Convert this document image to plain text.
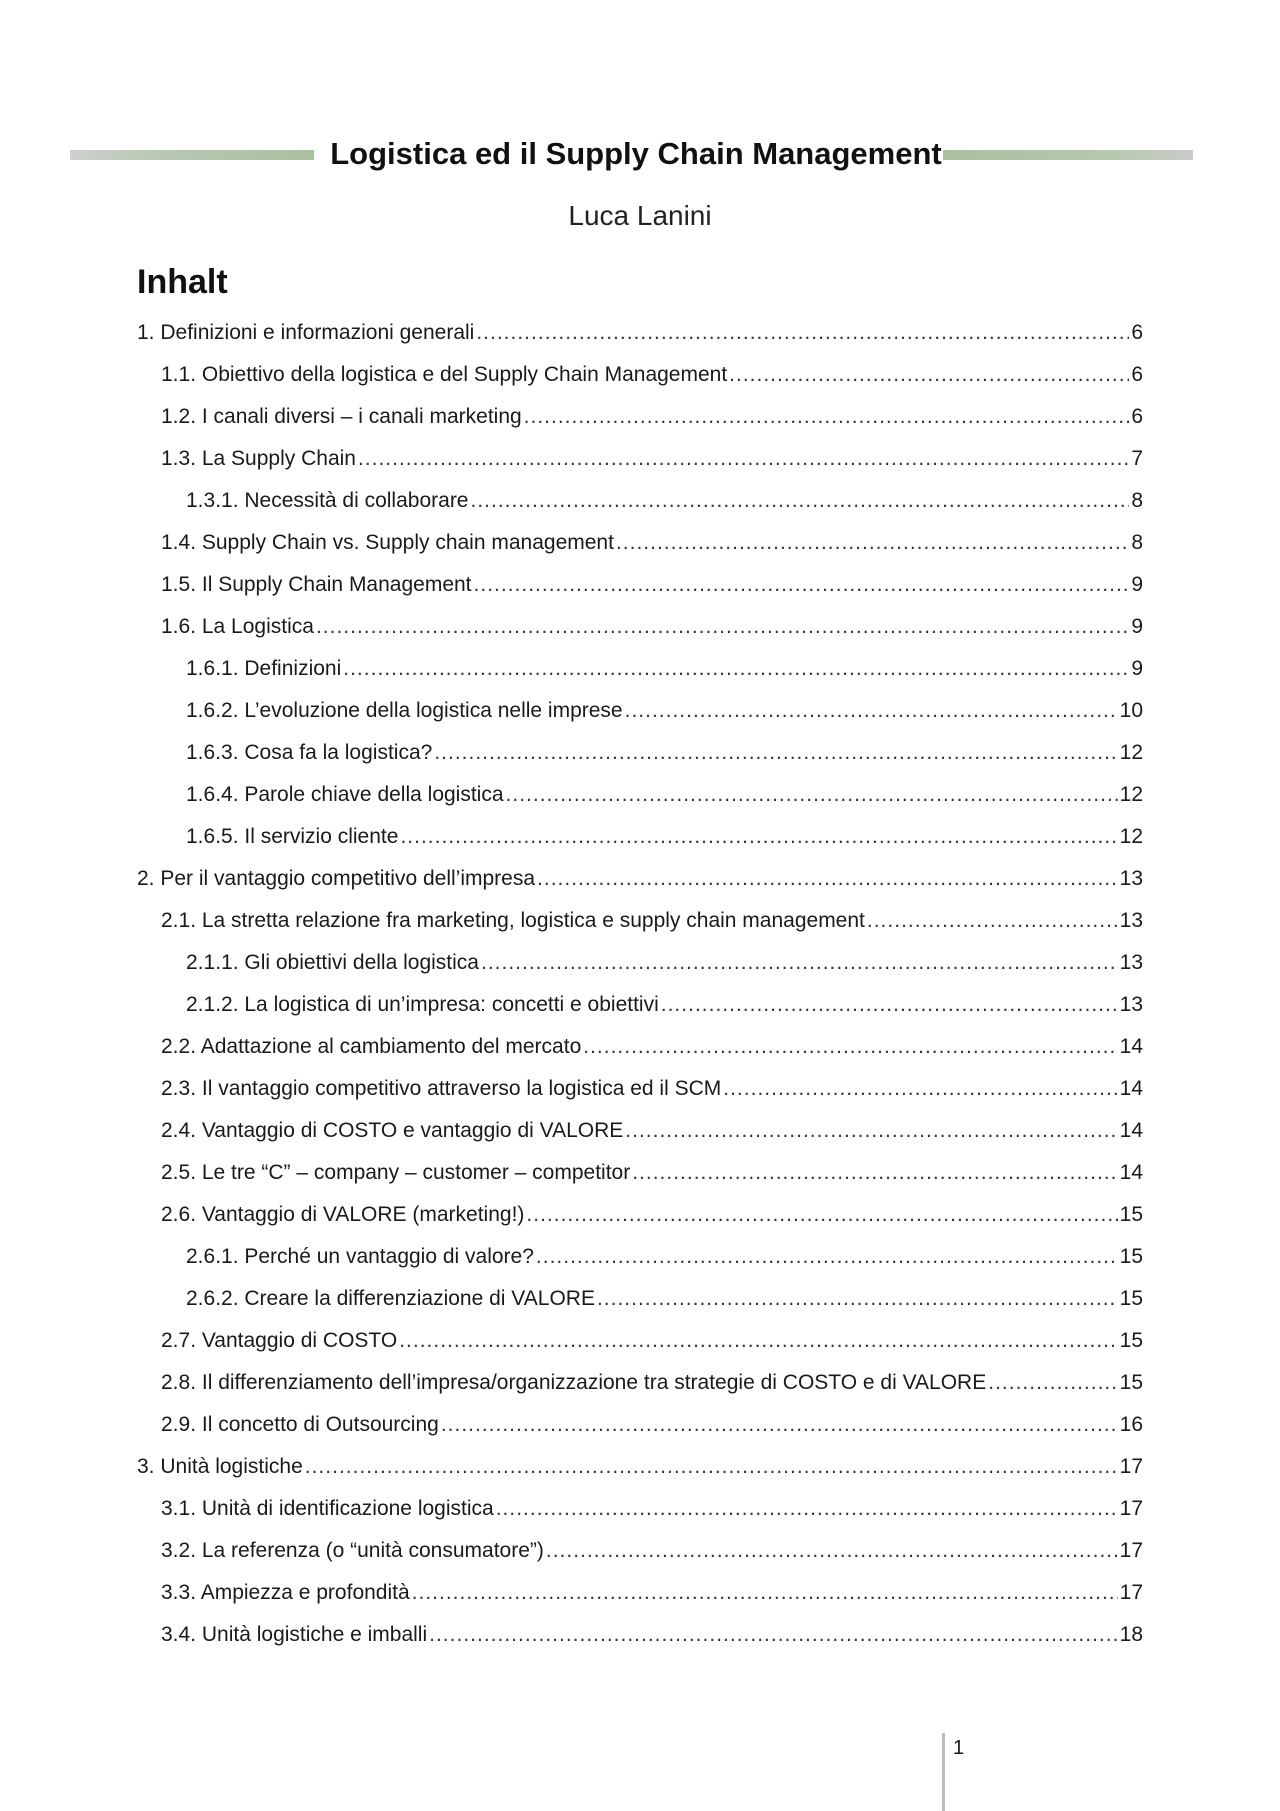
Logistica ed il Supply Chain Management
Luca Lanini
Inhalt
1. Definizioni e informazioni generali .....	6
1.1. Obiettivo della logistica e del Supply Chain Management .....	6
1.2. I canali diversi – i canali marketing .....	6
1.3. La Supply Chain .....	7
1.3.1. Necessità di collaborare .....	8
1.4. Supply Chain vs. Supply chain management .....	8
1.5. Il Supply Chain Management .....	9
1.6. La Logistica .....	9
1.6.1. Definizioni .....	9
1.6.2. L’evoluzione della logistica nelle imprese .....	10
1.6.3. Cosa fa la logistica? .....	12
1.6.4. Parole chiave della logistica .....	12
1.6.5. Il servizio cliente .....	12
2. Per il vantaggio competitivo dell’impresa .....	13
2.1. La stretta relazione fra marketing, logistica e supply chain management .....	13
2.1.1. Gli obiettivi della logistica .....	13
2.1.2. La logistica di un’impresa: concetti e obiettivi .....	13
2.2. Adattazione al cambiamento del mercato .....	14
2.3. Il vantaggio competitivo attraverso la logistica ed il SCM .....	14
2.4. Vantaggio di COSTO e vantaggio di VALORE .....	14
2.5. Le tre “C” – company – customer – competitor .....	14
2.6. Vantaggio di VALORE (marketing!) .....	15
2.6.1. Perché un vantaggio di valore? .....	15
2.6.2. Creare la differenziazione di VALORE .....	15
2.7. Vantaggio di COSTO .....	15
2.8. Il differenziamento dell’impresa/organizzazione tra strategie di COSTO e di VALORE .....	15
2.9. Il concetto di Outsourcing .....	16
3. Unità logistiche .....	17
3.1. Unità di identificazione logistica .....	17
3.2. La referenza (o “unità consumatore”) .....	17
3.3. Ampiezza e profondità .....	17
3.4. Unità logistiche e imballi .....	18
1
